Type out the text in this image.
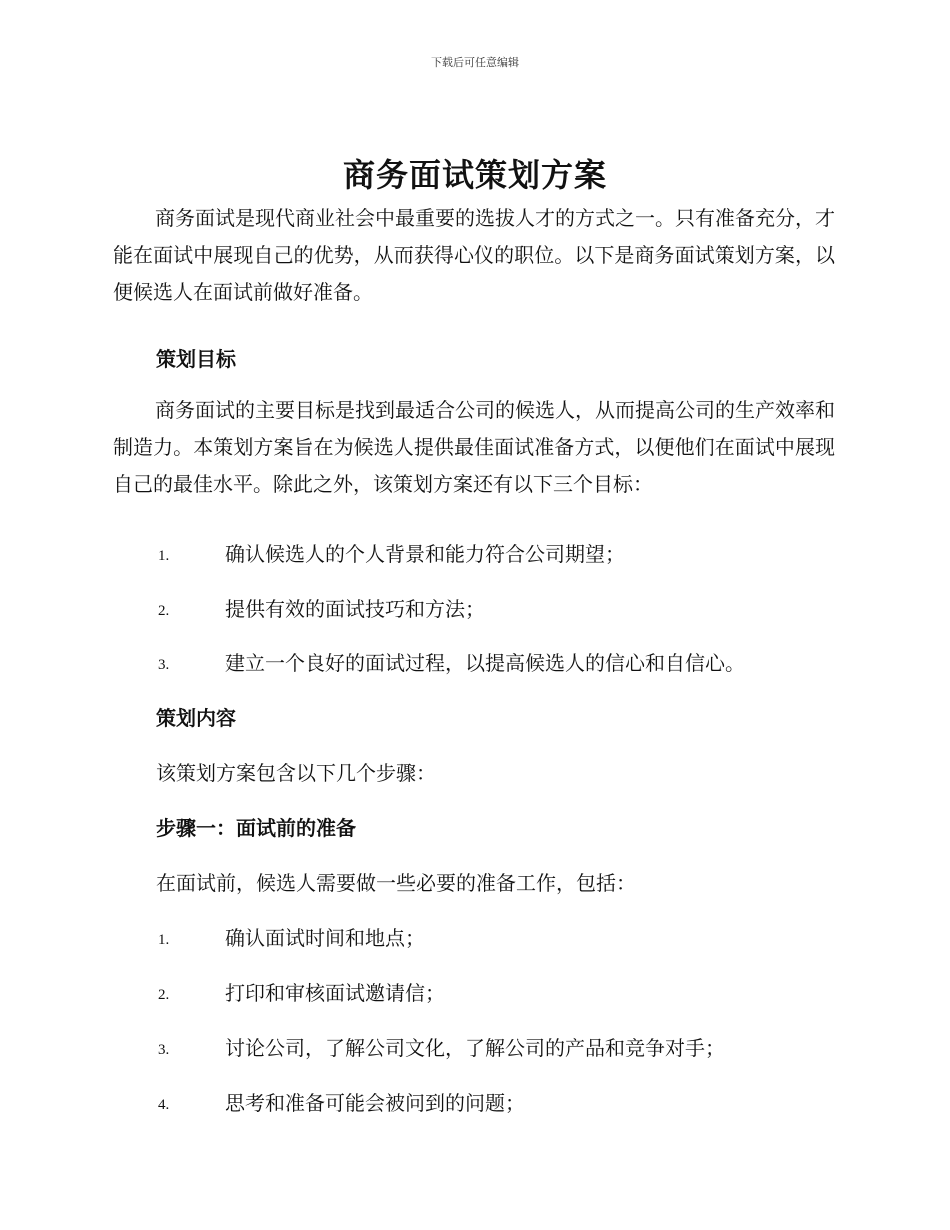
下载后可任意编辑
商务面试策划方案
商务面试是现代商业社会中最重要的选拔人才的方式之一。只有准备充分，才能在面试中展现自己的优势，从而获得心仪的职位。以下是商务面试策划方案，以便候选人在面试前做好准备。
策划目标
商务面试的主要目标是找到最适合公司的候选人，从而提高公司的生产效率和制造力。本策划方案旨在为候选人提供最佳面试准备方式，以便他们在面试中展现自己的最佳水平。除此之外，该策划方案还有以下三个目标：
1.	确认候选人的个人背景和能力符合公司期望；
2.	提供有效的面试技巧和方法；
3.	建立一个良好的面试过程，以提高候选人的信心和自信心。
策划内容
该策划方案包含以下几个步骤：
步骤一：面试前的准备
在面试前，候选人需要做一些必要的准备工作，包括：
1.	确认面试时间和地点；
2.	打印和审核面试邀请信；
3.	讨论公司，了解公司文化，了解公司的产品和竞争对手；
4.	思考和准备可能会被问到的问题；
